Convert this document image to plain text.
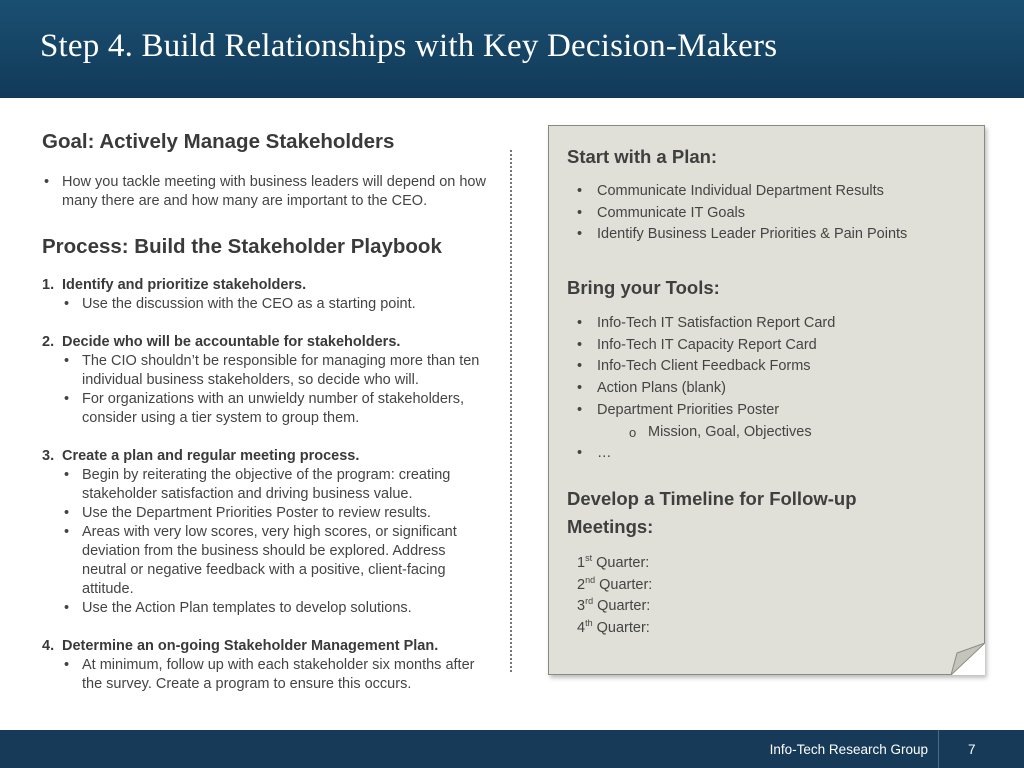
Step 4. Build Relationships with Key Decision-Makers

Goal: Actively Manage Stakeholders

• How you tackle meeting with business leaders will depend on how many there are and how many are important to the CEO.

Process: Build the Stakeholder Playbook

1. Identify and prioritize stakeholders.
• Use the discussion with the CEO as a starting point.
2. Decide who will be accountable for stakeholders.
• The CIO shouldn’t be responsible for managing more than ten individual business stakeholders, so decide who will.
• For organizations with an unwieldy number of stakeholders, consider using a tier system to group them.
3. Create a plan and regular meeting process.
• Begin by reiterating the objective of the program: creating stakeholder satisfaction and driving business value.
• Use the Department Priorities Poster to review results.
• Areas with very low scores, very high scores, or significant deviation from the business should be explored. Address neutral or negative feedback with a positive, client-facing attitude.
• Use the Action Plan templates to develop solutions.
4. Determine an on-going Stakeholder Management Plan.
• At minimum, follow up with each stakeholder six months after the survey. Create a program to ensure this occurs.
Start with a Plan:
• Communicate Individual Department Results
• Communicate IT Goals
• Identify Business Leader Priorities & Pain Points
Bring your Tools:
• Info-Tech IT Satisfaction Report Card
• Info-Tech IT Capacity Report Card
• Info-Tech Client Feedback Forms
• Action Plans (blank)
• Department Priorities Poster
o Mission, Goal, Objectives
• …
Develop a Timeline for Follow-up
Meetings:
1st Quarter:
2nd Quarter:
3rd Quarter:
4th Quarter:
Info-Tech Research Group	7
